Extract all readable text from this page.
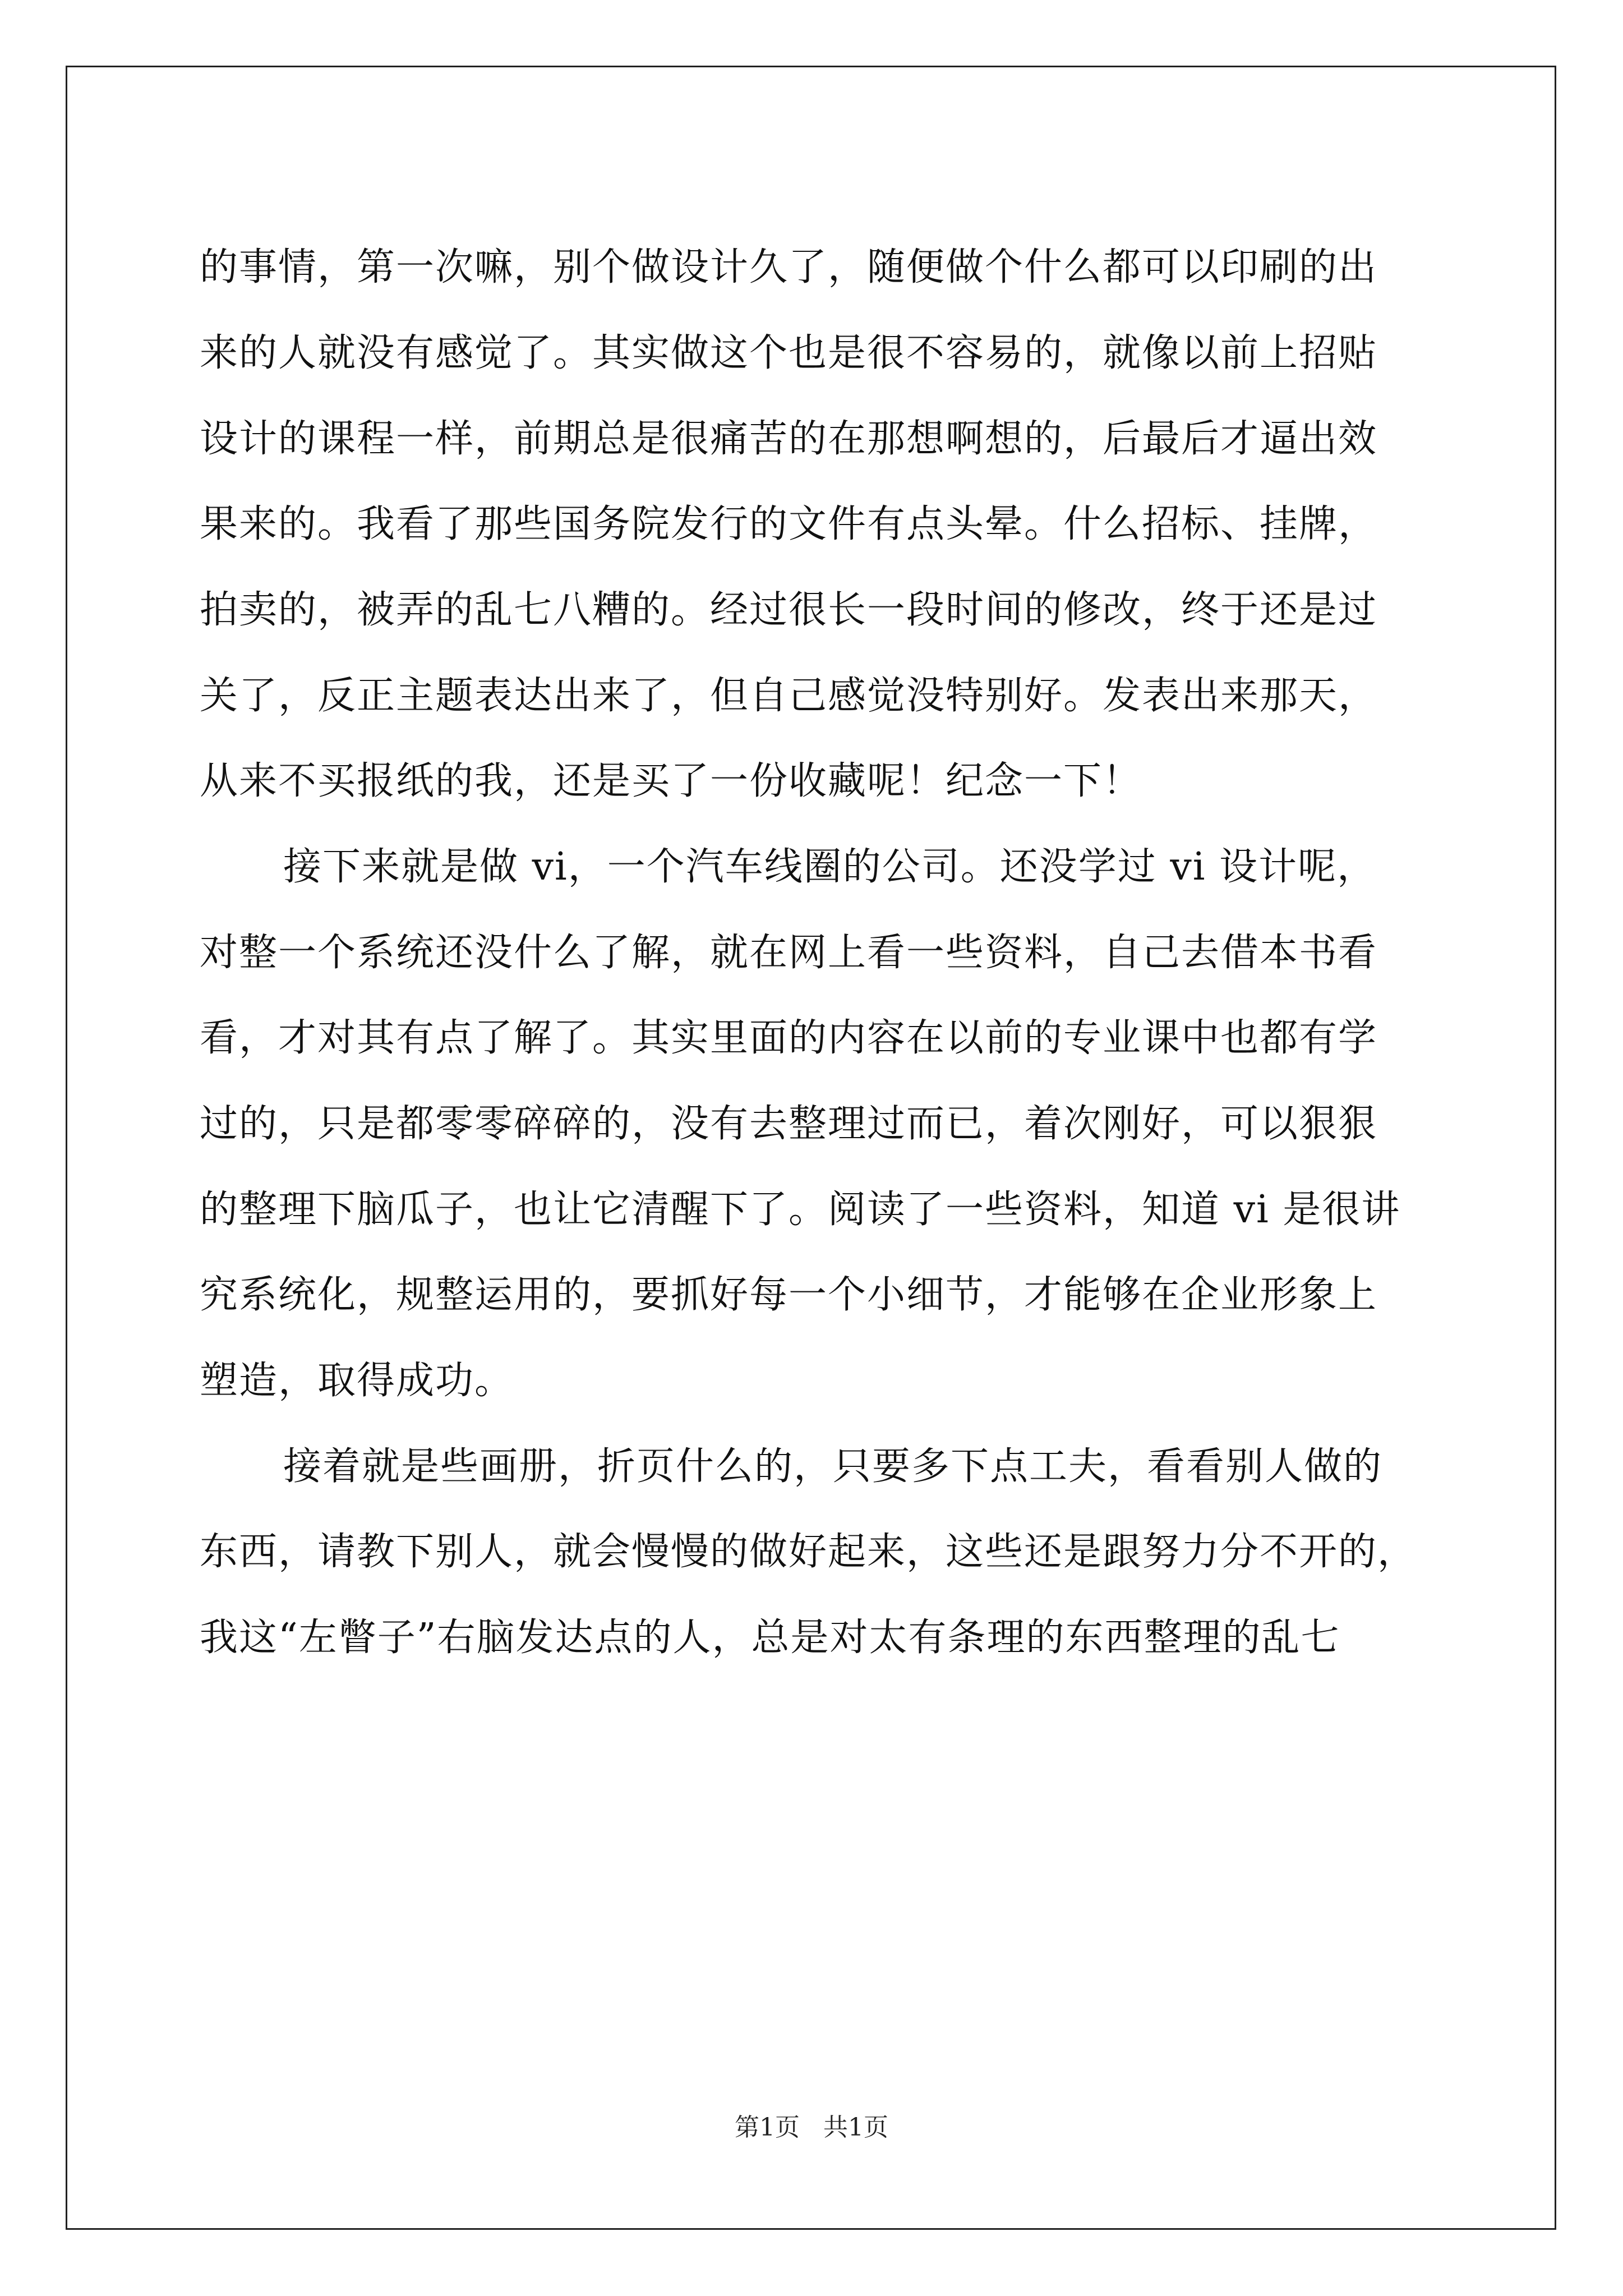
的事情，第一次嘛，别个做设计久了，随便做个什么都可以印刷的出
来的人就没有感觉了。其实做这个也是很不容易的，就像以前上招贴
设计的课程一样，前期总是很痛苦的在那想啊想的，后最后才逼出效
果来的。我看了那些国务院发行的文件有点头晕。什么招标、挂牌，
拍卖的，被弄的乱七八糟的。经过很长一段时间的修改，终于还是过
关了，反正主题表达出来了，但自己感觉没特别好。发表出来那天，
从来不买报纸的我，还是买了一份收藏呢！纪念一下！
接下来就是做 vi，一个汽车线圈的公司。还没学过 vi 设计呢，
对整一个系统还没什么了解，就在网上看一些资料，自己去借本书看
看，才对其有点了解了。其实里面的内容在以前的专业课中也都有学
过的，只是都零零碎碎的，没有去整理过而已，着次刚好，可以狠狠
的整理下脑瓜子，也让它清醒下了。阅读了一些资料，知道 vi 是很讲
究系统化，规整运用的，要抓好每一个小细节，才能够在企业形象上
塑造，取得成功。
接着就是些画册，折页什么的，只要多下点工夫，看看别人做的
东西，请教下别人，就会慢慢的做好起来，这些还是跟努力分不开的，
我这“左瞥子”右脑发达点的人，总是对太有条理的东西整理的乱七
第1页 共1页
